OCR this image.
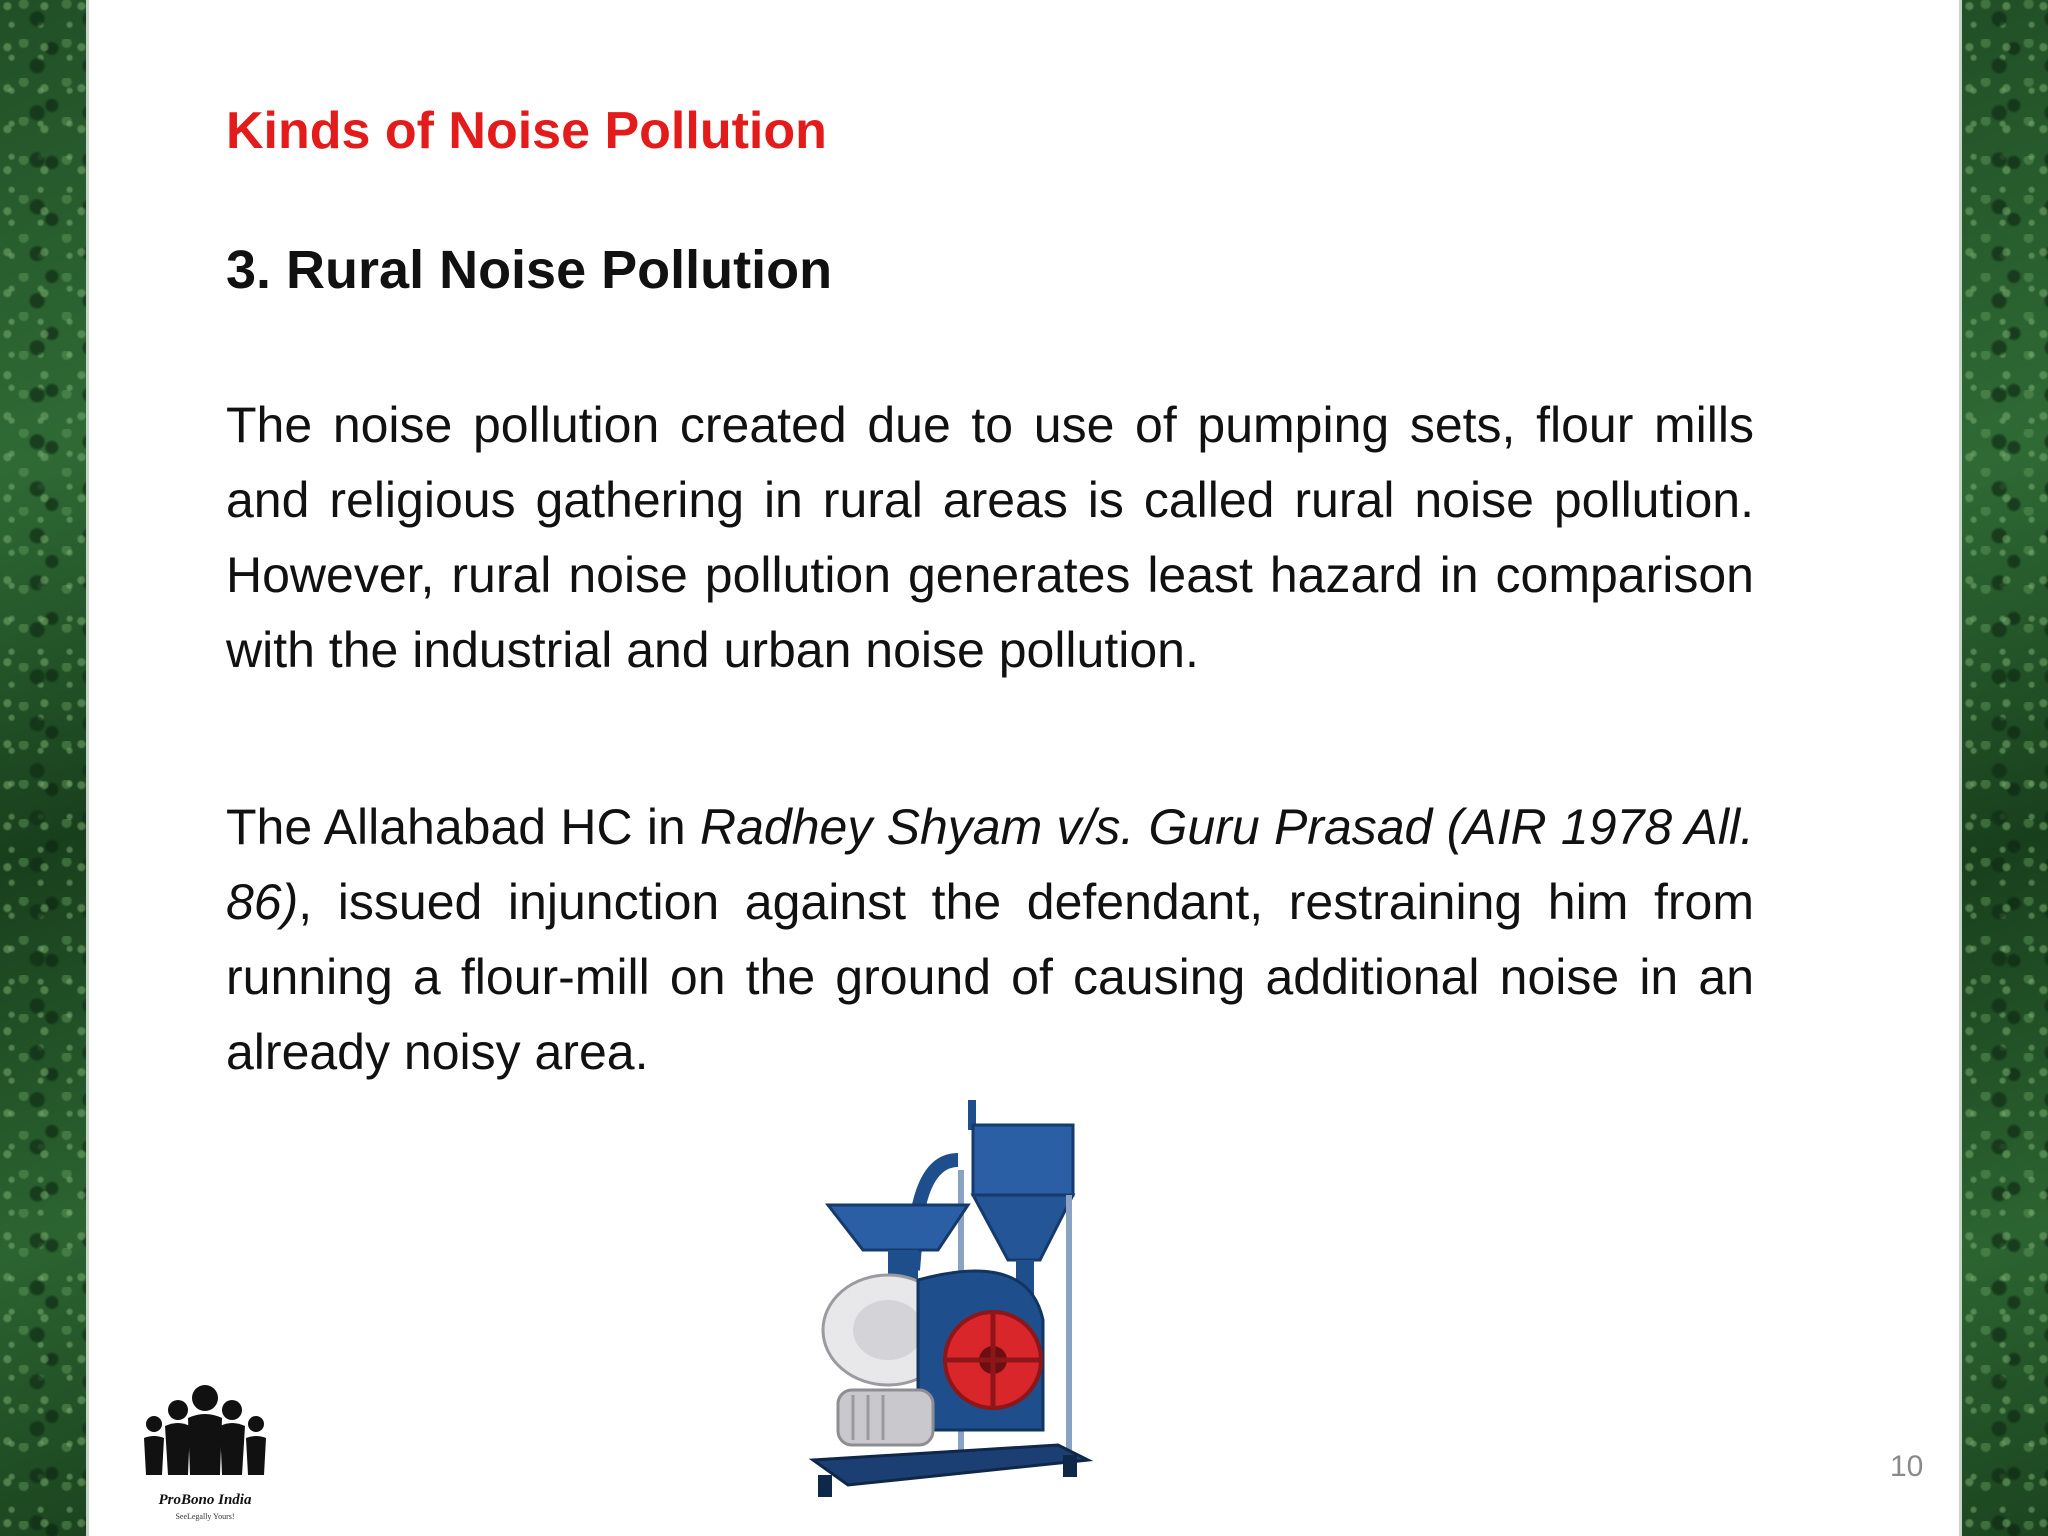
Kinds of Noise Pollution
3. Rural Noise Pollution

The noise pollution created due to use of pumping sets, flour mills and religious gathering in rural areas is called rural noise pollution. However, rural noise pollution generates least hazard in comparison with the industrial and urban noise pollution.

The Allahabad HC in Radhey Shyam v/s. Guru Prasad (AIR 1978 All. 86), issued injunction against the defendant, restraining him from running a flour-mill on the ground of causing additional noise in an already noisy area.

ProBono India
SeeLegally Yours!
10
